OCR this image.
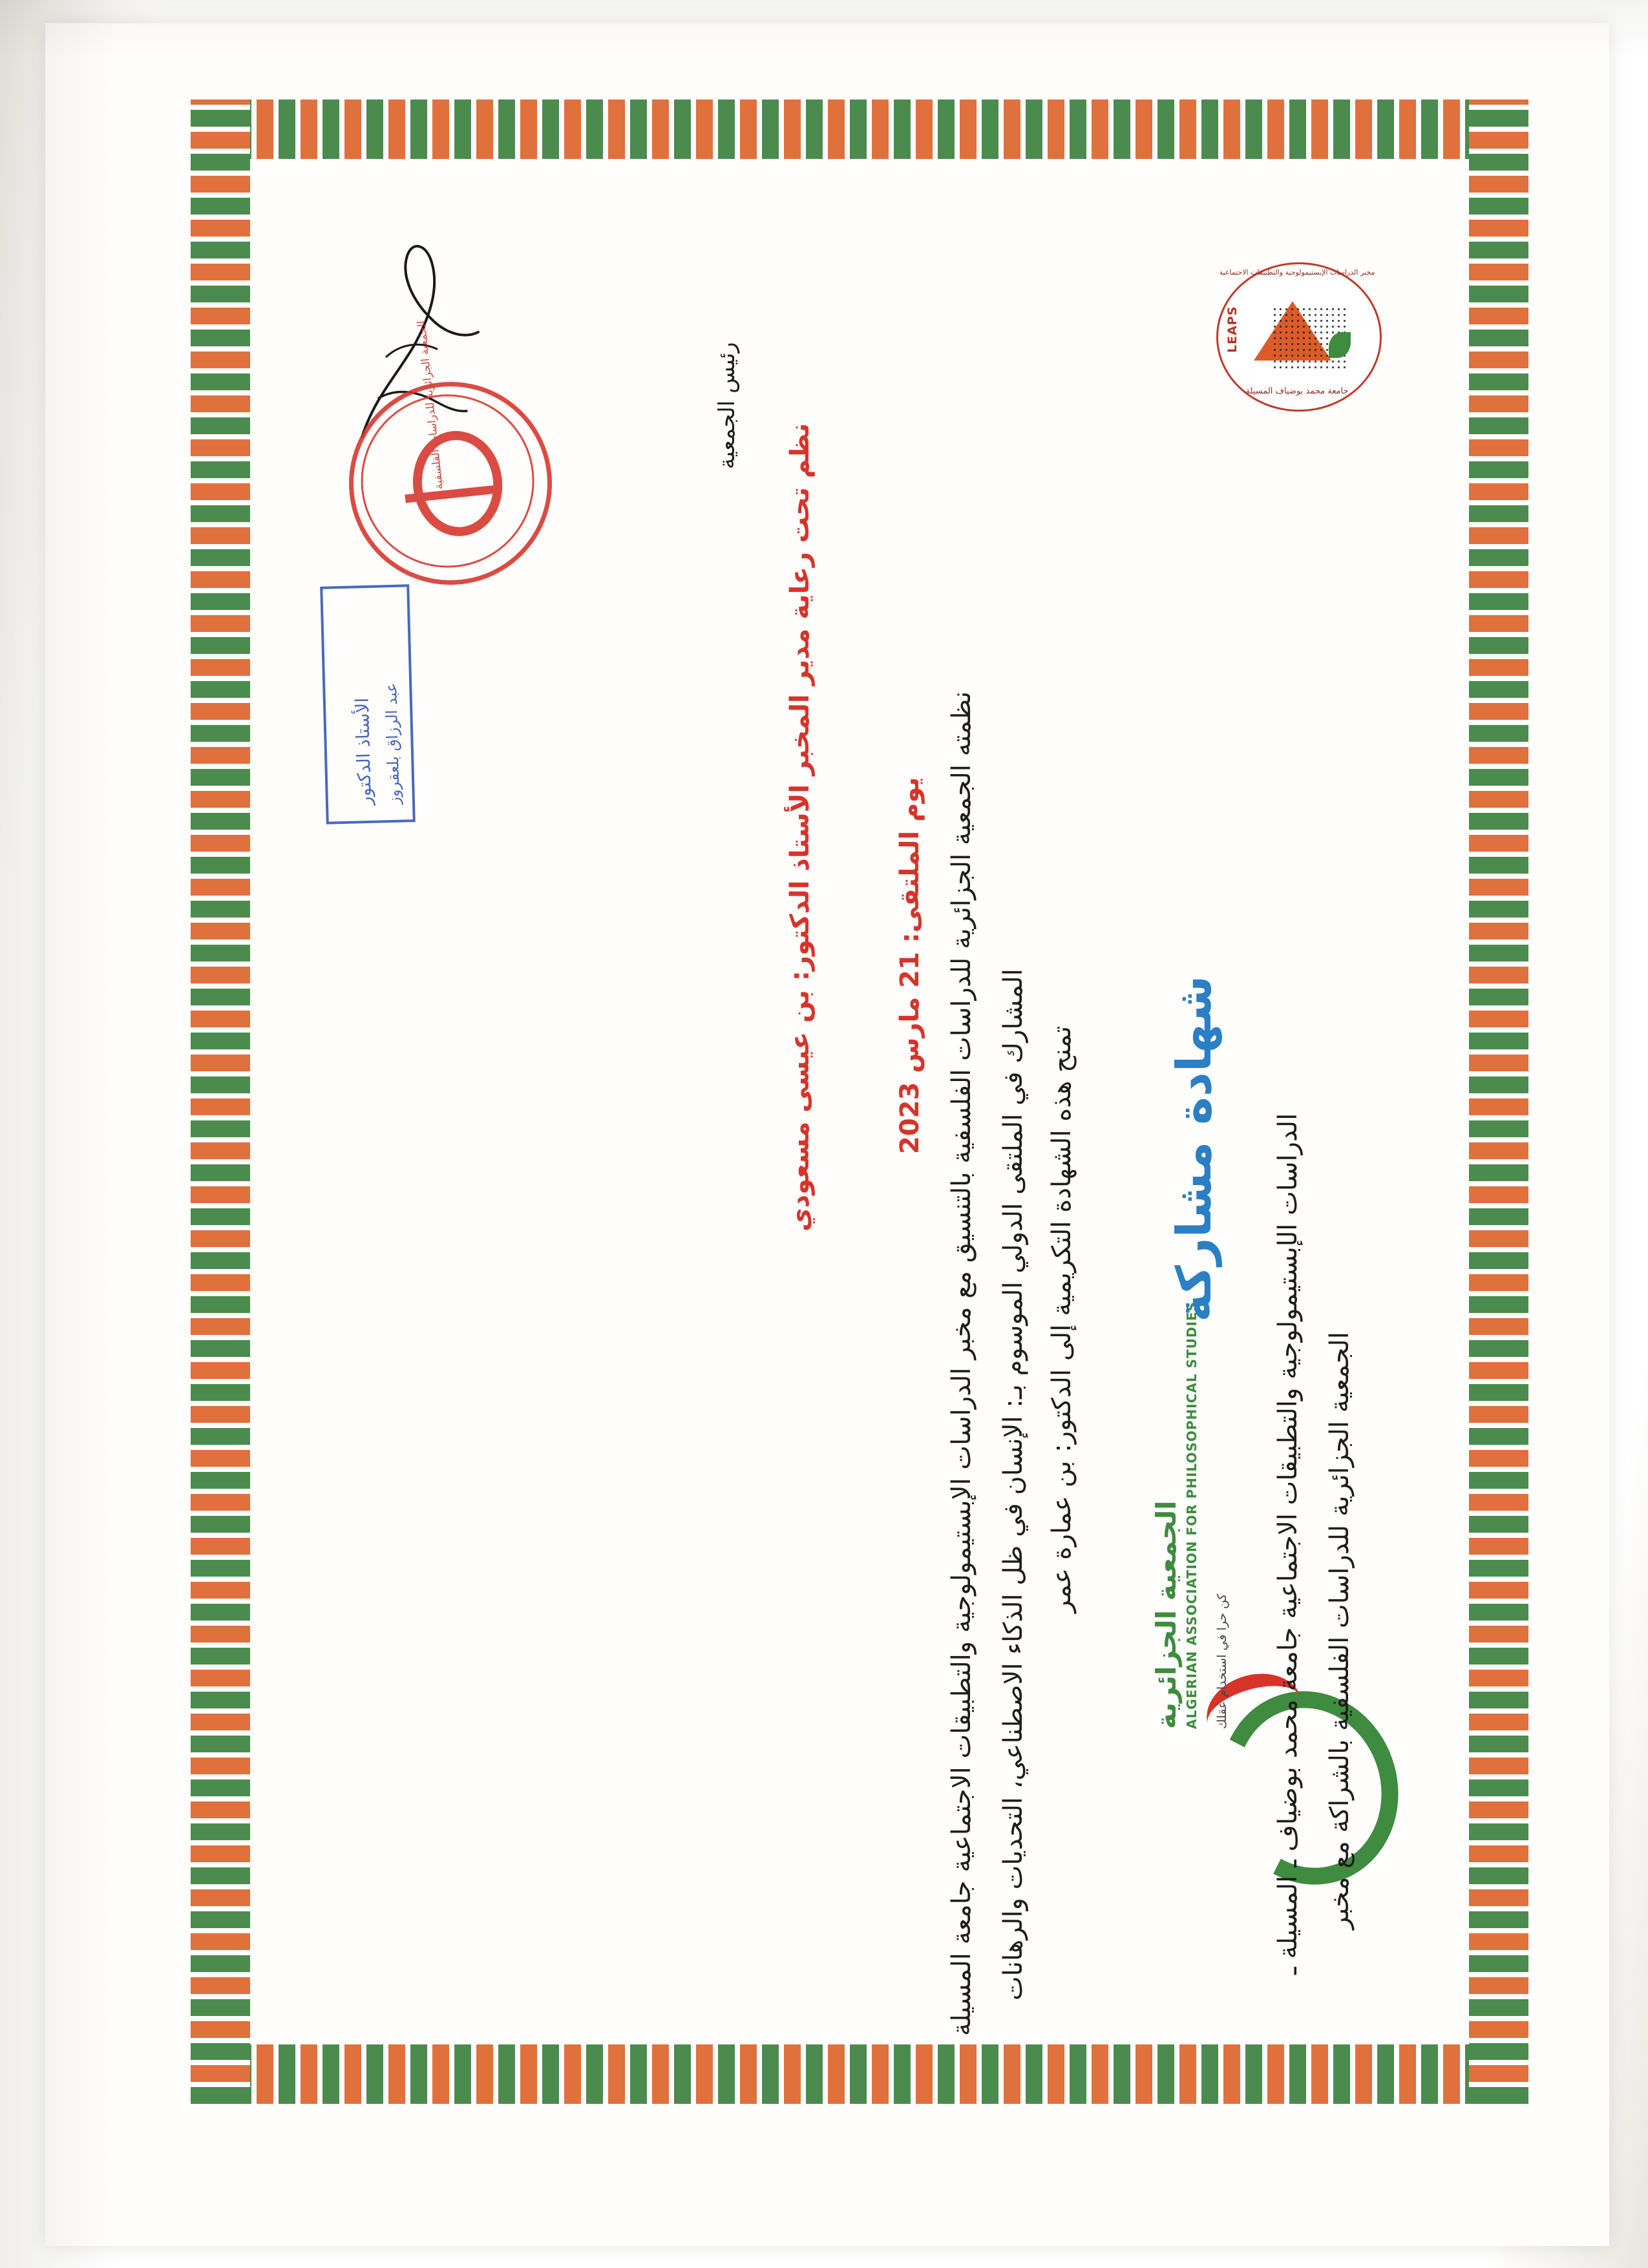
مخبر الدراسات الإبستيمولوجية والتطبيقات الاجتماعية
LEAPS
جامعة محمد بوضياف المسيلة
الجمعية الجزائرية ALGERIAN ASSOCIATION FOR PHILOSOPHICAL STUDIES كن حرا في استخدام عقلك	الجمعية الجزائرية للدراسات الفلسفية بالشراكة مع مخبر
الدراسات الإبستيمولوجية والتطبيقات الاجتماعية جامعة محمد بوضياف ـ المسيلة ـ
شهادة مشاركة
تمنح هذه الشهادة التكريمية إلى الدكتور: بن عمارة عمر
المشارك في الملتقى الدولي الموسوم بـ: الإنسان في ظل الذكاء الاصطناعي، التحديات والرهانات
نظمته الجمعية الجزائرية للدراسات الفلسفية بالتنسيق مع مخبر الدراسات الإبستيمولوجية والتطبيقات الاجتماعية جامعة المسيلة
يوم الملتقى: 21 مارس 2023
نظم تحت رعاية مدير المخبر الأستاذ الدكتور: بن عيسى مسعودي
رئيس الجمعية
الجمعية الجزائرية للدراسات الفلسفية
الأستاذ الدكتور عبد الرزاق بلعقروز
